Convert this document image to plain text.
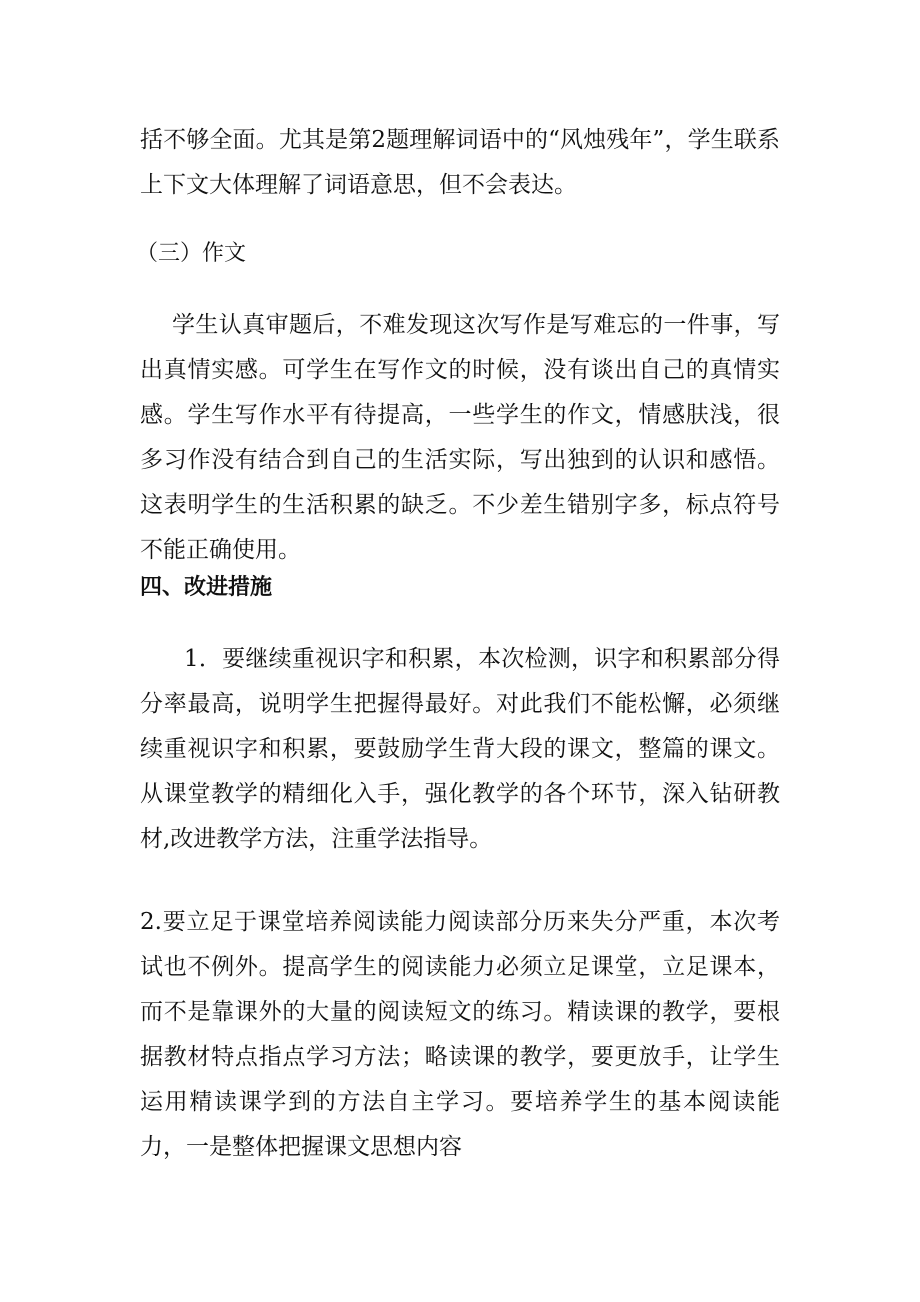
括不够全面。尤其是第2题理解词语中的“风烛残年”，学生联系上下文大体理解了词语意思，但不会表达。

（三）作文

学生认真审题后，不难发现这次写作是写难忘的一件事，写出真情实感。可学生在写作文的时候，没有谈出自己的真情实感。学生写作水平有待提高，一些学生的作文，情感肤浅，很多习作没有结合到自己的生活实际，写出独到的认识和感悟。这表明学生的生活积累的缺乏。不少差生错别字多，标点符号不能正确使用。

四、改进措施

1．要继续重视识字和积累，本次检测，识字和积累部分得分率最高，说明学生把握得最好。对此我们不能松懈，必须继续重视识字和积累，要鼓励学生背大段的课文，整篇的课文。从课堂教学的精细化入手，强化教学的各个环节，深入钻研教材,改进教学方法，注重学法指导。

2.要立足于课堂培养阅读能力阅读部分历来失分严重，本次考试也不例外。提高学生的阅读能力必须立足课堂，立足课本，而不是靠课外的大量的阅读短文的练习。精读课的教学，要根据教材特点指点学习方法；略读课的教学，要更放手，让学生运用精读课学到的方法自主学习。要培养学生的基本阅读能力，一是整体把握课文思想内容
